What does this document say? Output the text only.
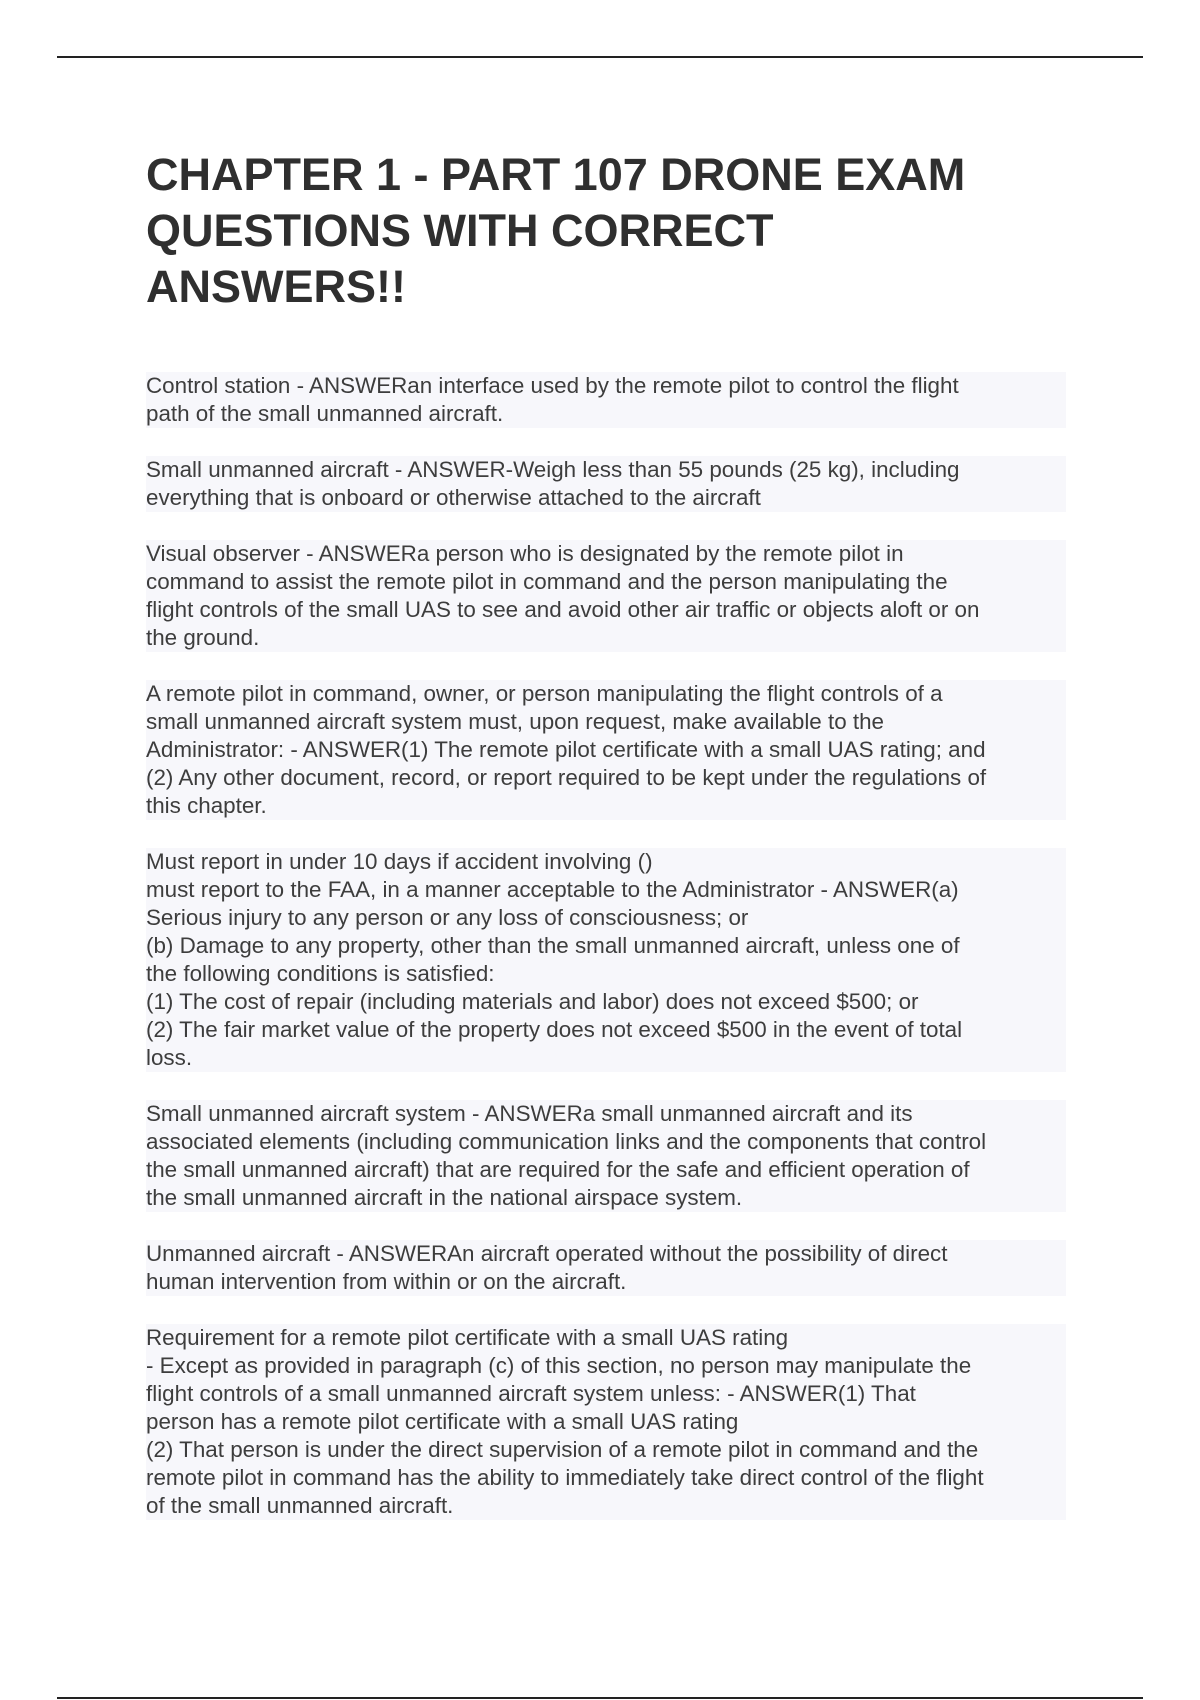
CHAPTER 1 - PART 107 DRONE EXAM
QUESTIONS WITH CORRECT
ANSWERS!!
Control station - ANSWERan interface used by the remote pilot to control the flight
path of the small unmanned aircraft.
Small unmanned aircraft - ANSWER-Weigh less than 55 pounds (25 kg), including
everything that is onboard or otherwise attached to the aircraft
Visual observer - ANSWERa person who is designated by the remote pilot in
command to assist the remote pilot in command and the person manipulating the
flight controls of the small UAS to see and avoid other air traffic or objects aloft or on
the ground.
A remote pilot in command, owner, or person manipulating the flight controls of a
small unmanned aircraft system must, upon request, make available to the
Administrator: - ANSWER(1) The remote pilot certificate with a small UAS rating; and
(2) Any other document, record, or report required to be kept under the regulations of
this chapter.
Must report in under 10 days if accident involving ()
must report to the FAA, in a manner acceptable to the Administrator - ANSWER(a)
Serious injury to any person or any loss of consciousness; or
(b) Damage to any property, other than the small unmanned aircraft, unless one of
the following conditions is satisfied:
(1) The cost of repair (including materials and labor) does not exceed $500; or
(2) The fair market value of the property does not exceed $500 in the event of total
loss.
Small unmanned aircraft system - ANSWERa small unmanned aircraft and its
associated elements (including communication links and the components that control
the small unmanned aircraft) that are required for the safe and efficient operation of
the small unmanned aircraft in the national airspace system.
Unmanned aircraft - ANSWERAn aircraft operated without the possibility of direct
human intervention from within or on the aircraft.
Requirement for a remote pilot certificate with a small UAS rating
- Except as provided in paragraph (c) of this section, no person may manipulate the
flight controls of a small unmanned aircraft system unless: - ANSWER(1) That
person has a remote pilot certificate with a small UAS rating
(2) That person is under the direct supervision of a remote pilot in command and the
remote pilot in command has the ability to immediately take direct control of the flight
of the small unmanned aircraft.
